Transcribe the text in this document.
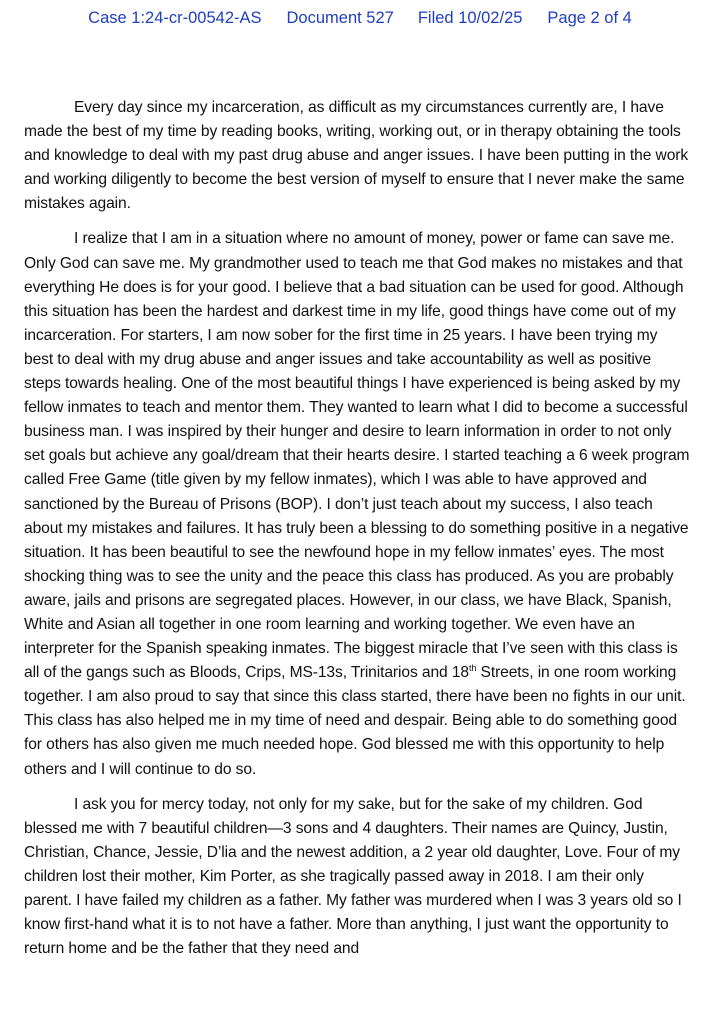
Case 1:24-cr-00542-AS Document 527 Filed 10/02/25 Page 2 of 4

Every day since my incarceration, as difficult as my circumstances currently are, I have made the best of my time by reading books, writing, working out, or in therapy obtaining the tools and knowledge to deal with my past drug abuse and anger issues. I have been putting in the work and working diligently to become the best version of myself to ensure that I never make the same mistakes again.

I realize that I am in a situation where no amount of money, power or fame can save me. Only God can save me. My grandmother used to teach me that God makes no mistakes and that everything He does is for your good. I believe that a bad situation can be used for good. Although this situation has been the hardest and darkest time in my life, good things have come out of my incarceration. For starters, I am now sober for the first time in 25 years. I have been trying my best to deal with my drug abuse and anger issues and take accountability as well as positive steps towards healing. One of the most beautiful things I have experienced is being asked by my fellow inmates to teach and mentor them. They wanted to learn what I did to become a successful business man. I was inspired by their hunger and desire to learn information in order to not only set goals but achieve any goal/dream that their hearts desire. I started teaching a 6 week program called Free Game (title given by my fellow inmates), which I was able to have approved and sanctioned by the Bureau of Prisons (BOP). I don’t just teach about my success, I also teach about my mistakes and failures. It has truly been a blessing to do something positive in a negative situation. It has been beautiful to see the newfound hope in my fellow inmates’ eyes. The most shocking thing was to see the unity and the peace this class has produced. As you are probably aware, jails and prisons are segregated places. However, in our class, we have Black, Spanish, White and Asian all together in one room learning and working together. We even have an interpreter for the Spanish speaking inmates. The biggest miracle that I’ve seen with this class is all of the gangs such as Bloods, Crips, MS-13s, Trinitarios and 18th Streets, in one room working together. I am also proud to say that since this class started, there have been no fights in our unit. This class has also helped me in my time of need and despair. Being able to do something good for others has also given me much needed hope. God blessed me with this opportunity to help others and I will continue to do so.

I ask you for mercy today, not only for my sake, but for the sake of my children. God blessed me with 7 beautiful children—3 sons and 4 daughters. Their names are Quincy, Justin, Christian, Chance, Jessie, D’lia and the newest addition, a 2 year old daughter, Love. Four of my children lost their mother, Kim Porter, as she tragically passed away in 2018. I am their only parent. I have failed my children as a father. My father was murdered when I was 3 years old so I know first-hand what it is to not have a father. More than anything, I just want the opportunity to return home and be the father that they need and
